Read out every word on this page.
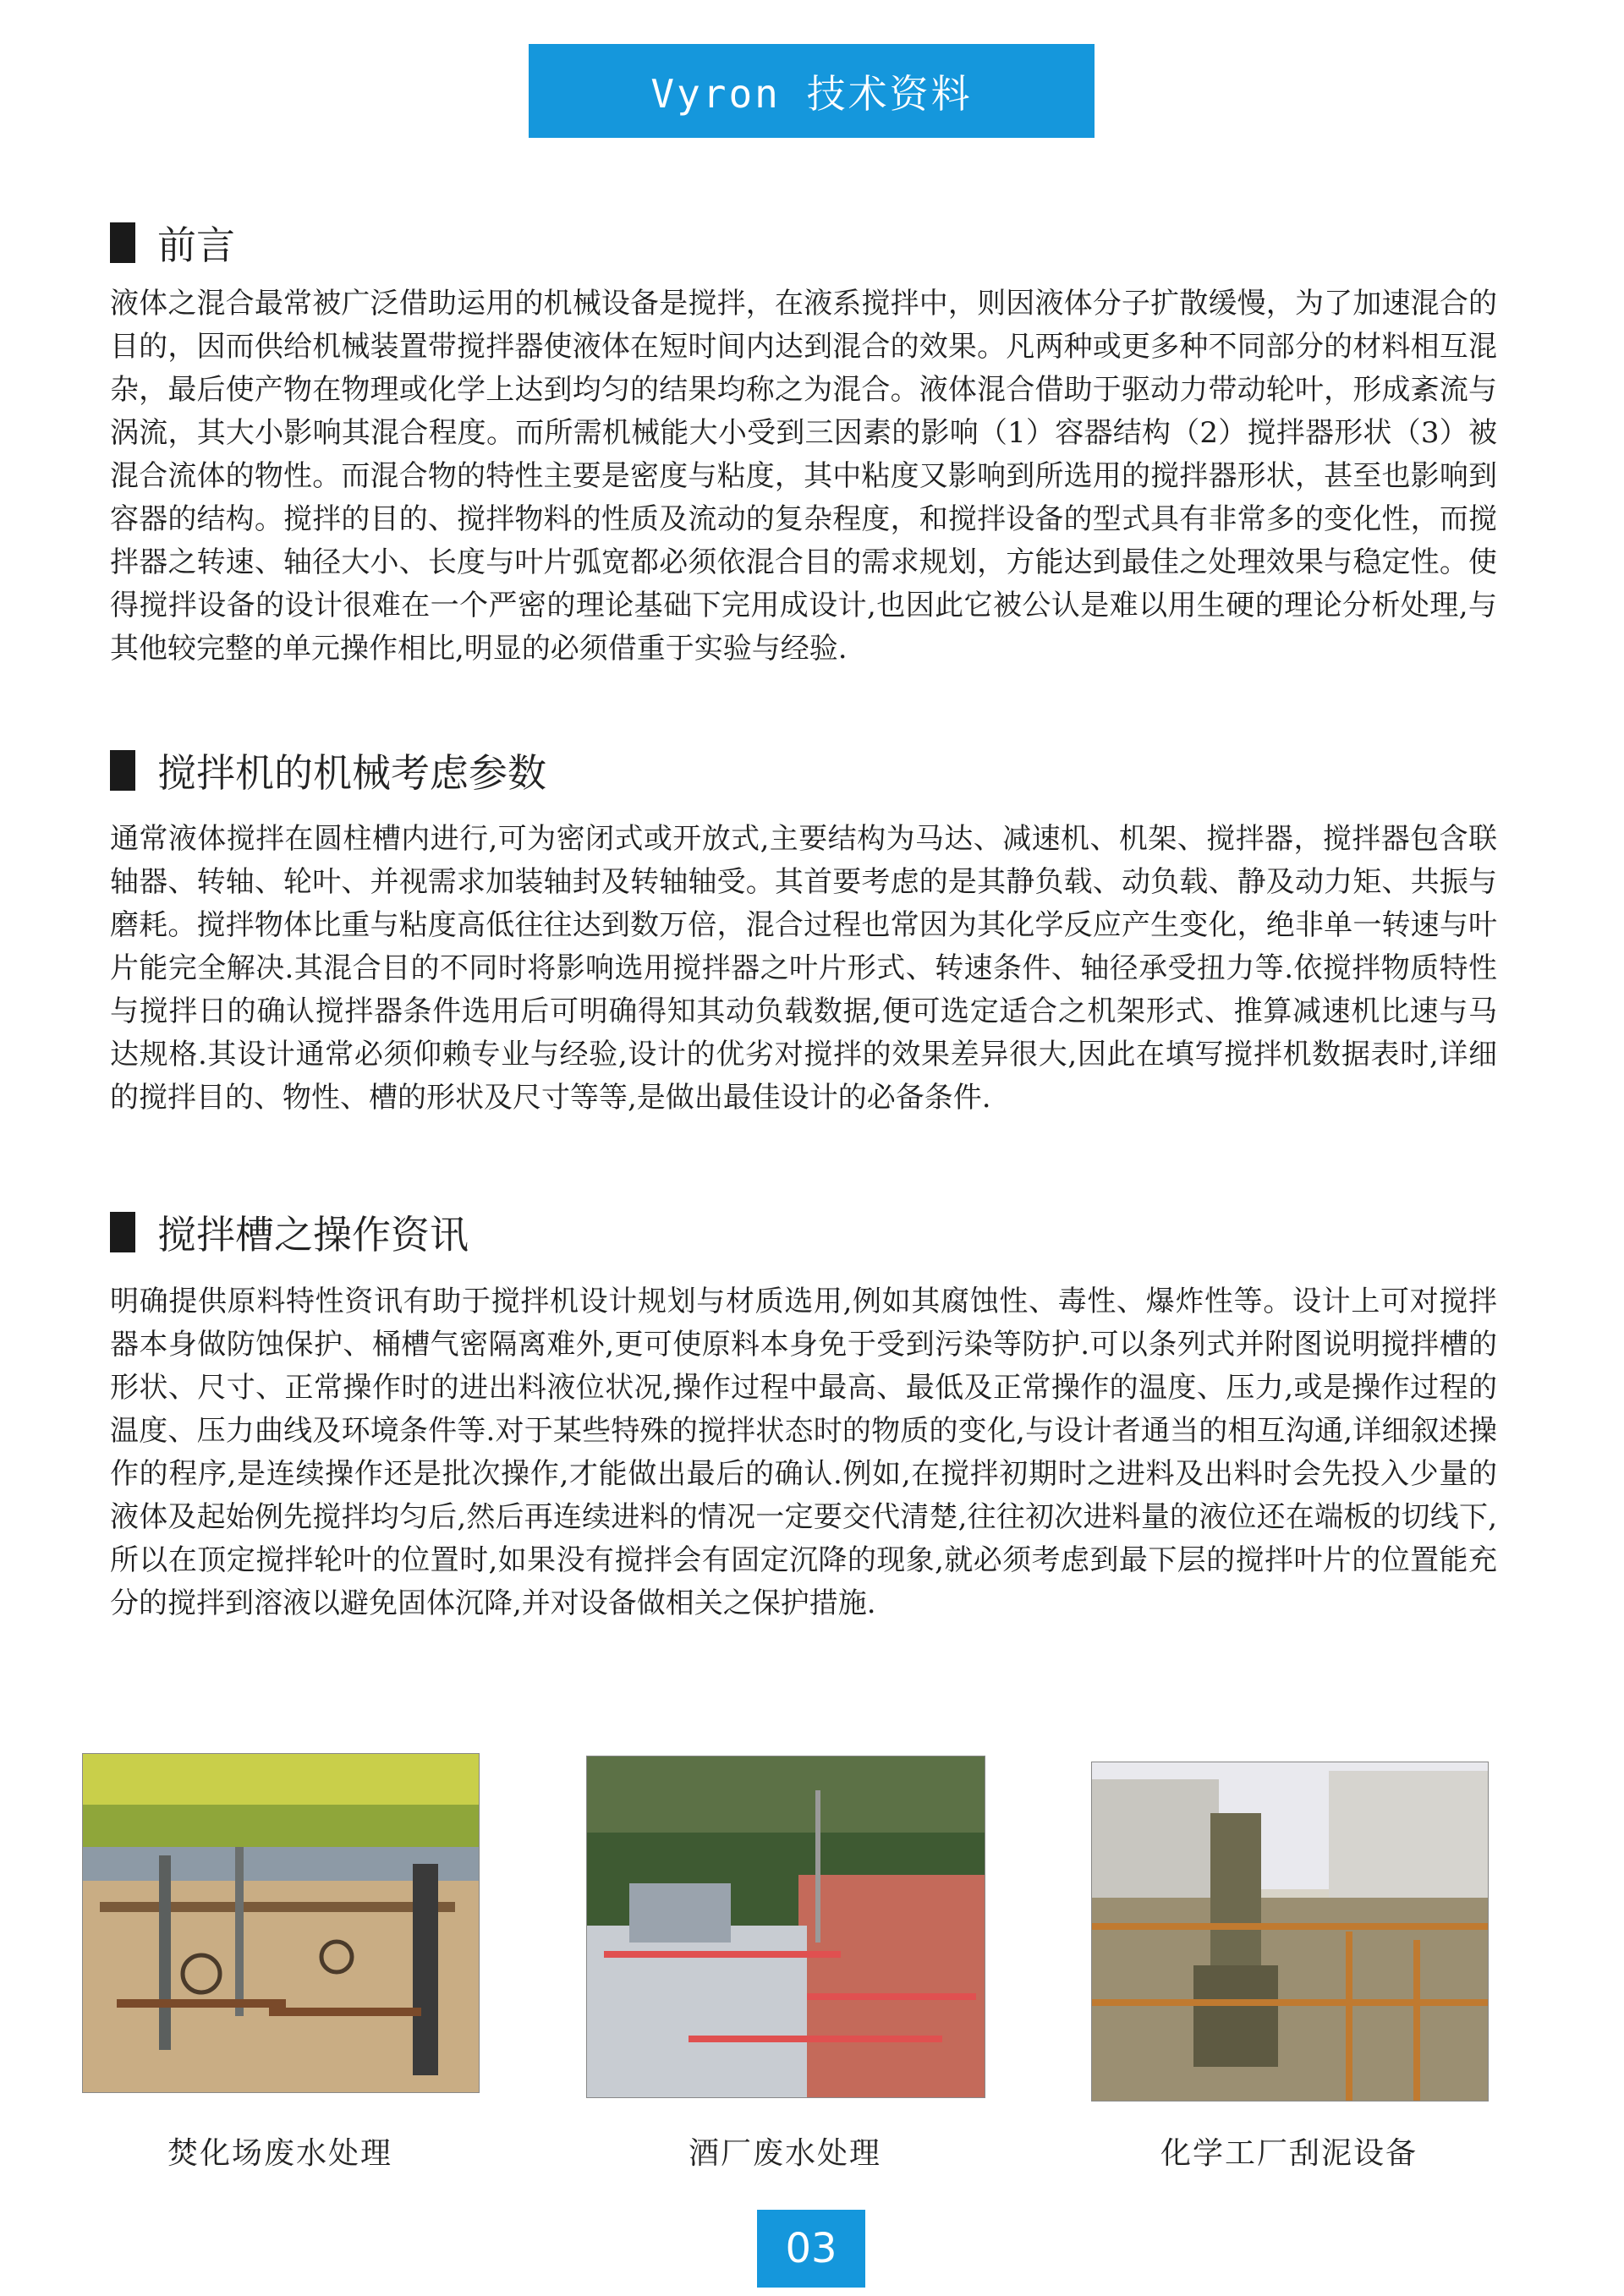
Vyron 技术资料
前言

液体之混合最常被广泛借助运用的机械设备是搅拌，在液系搅拌中，则因液体分子扩散缓慢，为了加速混合的目的，因而供给机械装置带搅拌器使液体在短时间内达到混合的效果。凡两种或更多种不同部分的材料相互混杂，最后使产物在物理或化学上达到均匀的结果均称之为混合。液体混合借助于驱动力带动轮叶，形成紊流与涡流，其大小影响其混合程度。而所需机械能大小受到三因素的影响（1）容器结构（2）搅拌器形状（3）被混合流体的物性。而混合物的特性主要是密度与粘度，其中粘度又影响到所选用的搅拌器形状，甚至也影响到容器的结构。搅拌的目的、搅拌物料的性质及流动的复杂程度，和搅拌设备的型式具有非常多的变化性，而搅拌器之转速、轴径大小、长度与叶片弧宽都必须依混合目的需求规划，方能达到最佳之处理效果与稳定性。使得搅拌设备的设计很难在一个严密的理论基础下完用成设计,也因此它被公认是难以用生硬的理论分析处理,与其他较完整的单元操作相比,明显的必须借重于实验与经验.

搅拌机的机械考虑参数

通常液体搅拌在圆柱槽内进行,可为密闭式或开放式,主要结构为马达、减速机、机架、搅拌器，搅拌器包含联轴器、转轴、轮叶、并视需求加装轴封及转轴轴受。其首要考虑的是其静负载、动负载、静及动力矩、共振与磨耗。搅拌物体比重与粘度高低往往达到数万倍，混合过程也常因为其化学反应产生变化，绝非单一转速与叶片能完全解决.其混合目的不同时将影响选用搅拌器之叶片形式、转速条件、轴径承受扭力等.依搅拌物质特性与搅拌日的确认搅拌器条件选用后可明确得知其动负载数据,便可选定适合之机架形式、推算减速机比速与马达规格.其设计通常必须仰赖专业与经验,设计的优劣对搅拌的效果差异很大,因此在填写搅拌机数据表时,详细的搅拌目的、物性、槽的形状及尺寸等等,是做出最佳设计的必备条件.

搅拌槽之操作资讯

明确提供原料特性资讯有助于搅拌机设计规划与材质选用,例如其腐蚀性、毒性、爆炸性等。设计上可对搅拌器本身做防蚀保护、桶槽气密隔离难外,更可使原料本身免于受到污染等防护.可以条列式并附图说明搅拌槽的形状、尺寸、正常操作时的进出料液位状况,操作过程中最高、最低及正常操作的温度、压力,或是操作过程的温度、压力曲线及环境条件等.对于某些特殊的搅拌状态时的物质的变化,与设计者通当的相互沟通,详细叙述操作的程序,是连续操作还是批次操作,才能做出最后的确认.例如,在搅拌初期时之进料及出料时会先投入少量的液体及起始例先搅拌均匀后,然后再连续进料的情况一定要交代清楚,往往初次进料量的液位还在端板的切线下,所以在顶定搅拌轮叶的位置时,如果没有搅拌会有固定沉降的现象,就必须考虑到最下层的搅拌叶片的位置能充分的搅拌到溶液以避免固体沉降,并对设备做相关之保护措施.

焚化场废水处理	酒厂废水处理	化学工厂刮泥设备
03
